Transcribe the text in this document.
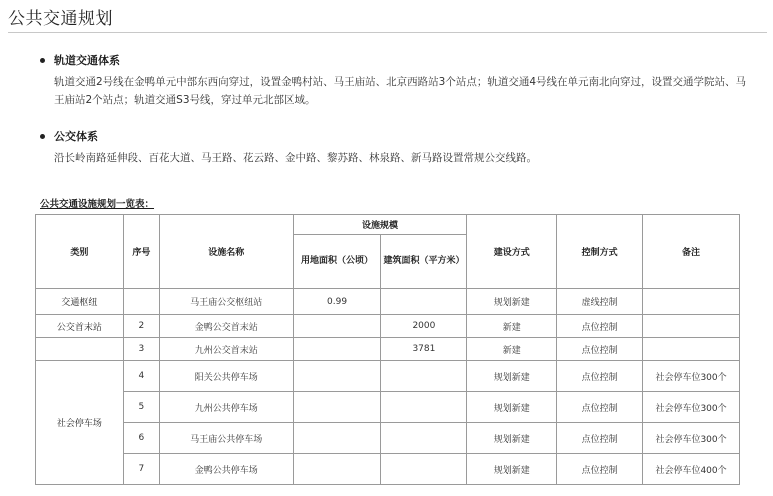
公共交通规划
轨道交通体系
轨道交通2号线在金鸭单元中部东西向穿过，设置金鸭村站、马王庙站、北京西路站3个站点；轨道交通4号线在单元南北向穿过，设置交通学院站、马王庙站2个站点；轨道交通S3号线，穿过单元北部区域。
公交体系
沿长岭南路延伸段、百花大道、马王路、花云路、金中路、黎苏路、林泉路、新马路设置常规公交线路。
公共交通设施规划一览表：
类别	序号	设施名称	设施规模		建设方式	控制方式	备注
			用地面积（公顷）	建筑面积（平方米）			
交通枢纽		马王庙公交枢纽站	0.99		规划新建	虚线控制	
公交首末站	2	金鸭公交首末站		2000	新建	点位控制	
	3	九州公交首末站		3781	新建	点位控制	
社会停车场	4	阳关公共停车场			规划新建	点位控制	社会停车位300个
	5	九州公共停车场			规划新建	点位控制	社会停车位300个
	6	马王庙公共停车场			规划新建	点位控制	社会停车位300个
	7	金鸭公共停车场			规划新建	点位控制	社会停车位400个
